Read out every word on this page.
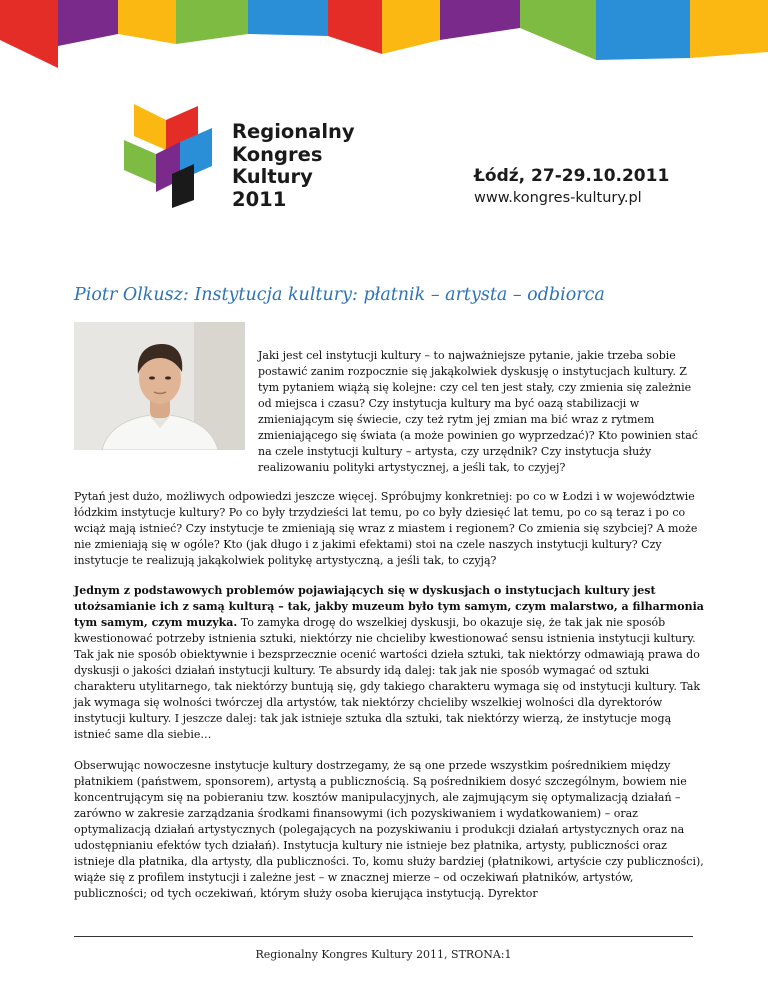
Regionalny
Kongres
Kultury
2011
Łódź, 27-29.10.2011
www.kongres-kultury.pl
Piotr Olkusz: Instytucja kultury: płatnik – artysta – odbiorca

Jaki jest cel instytucji kultury – to najważniejsze pytanie, jakie trzeba sobie postawić zanim rozpocznie się jakąkolwiek dyskusję o instytucjach kultury. Z tym pytaniem wiążą się kolejne: czy cel ten jest stały, czy zmienia się zależnie od miejsca i czasu? Czy instytucja kultury ma być oazą stabilizacji w zmieniającym się świecie, czy też rytm jej zmian ma bić wraz z rytmem zmieniającego się świata (a może powinien go wyprzedzać)? Kto powinien stać na czele instytucji kultury – artysta, czy urzędnik? Czy instytucja służy realizowaniu polityki artystycznej, a jeśli tak, to czyjej?

Pytań jest dużo, możliwych odpowiedzi jeszcze więcej. Spróbujmy konkretniej: po co w Łodzi i w województwie łódzkim instytucje kultury? Po co były trzydzieści lat temu, po co były dziesięć lat temu, po co są teraz i po co wciąż mają istnieć? Czy instytucje te zmieniają się wraz z miastem i regionem? Co zmienia się szybciej? A może nie zmieniają się w ogóle? Kto (jak długo i z jakimi efektami) stoi na czele naszych instytucji kultury? Czy instytucje te realizują jakąkolwiek politykę artystyczną, a jeśli tak, to czyją?

Jednym z podstawowych problemów pojawiających się w dyskusjach o instytucjach kultury jest utożsamianie ich z samą kulturą – tak, jakby muzeum było tym samym, czym malarstwo, a filharmonia tym samym, czym muzyka. To zamyka drogę do wszelkiej dyskusji, bo okazuje się, że tak jak nie sposób kwestionować potrzeby istnienia sztuki, niektórzy nie chcieliby kwestionować sensu istnienia instytucji kultury. Tak jak nie sposób obiektywnie i bezsprzecznie ocenić wartości dzieła sztuki, tak niektórzy odmawiają prawa do dyskusji o jakości działań instytucji kultury. Te absurdy idą dalej: tak jak nie sposób wymagać od sztuki charakteru utylitarnego, tak niektórzy buntują się, gdy takiego charakteru wymaga się od instytucji kultury. Tak jak wymaga się wolności twórczej dla artystów, tak niektórzy chcieliby wszelkiej wolności dla dyrektorów instytucji kultury. I jeszcze dalej: tak jak istnieje sztuka dla sztuki, tak niektórzy wierzą, że instytucje mogą istnieć same dla siebie…

Obserwując nowoczesne instytucje kultury dostrzegamy, że są one przede wszystkim pośrednikiem między płatnikiem (państwem, sponsorem), artystą a publicznością. Są pośrednikiem dosyć szczególnym, bowiem nie koncentrującym się na pobieraniu tzw. kosztów manipulacyjnych, ale zajmującym się optymalizacją działań – zarówno w zakresie zarządzania środkami finansowymi (ich pozyskiwaniem i wydatkowaniem) – oraz optymalizacją działań artystycznych (polegających na pozyskiwaniu i produkcji działań artystycznych oraz na udostępnianiu efektów tych działań). Instytucja kultury nie istnieje bez płatnika, artysty, publiczności oraz istnieje dla płatnika, dla artysty, dla publiczności. To, komu służy bardziej (płatnikowi, artyście czy publiczności), wiąże się z profilem instytucji i zależne jest – w znacznej mierze – od oczekiwań płatników, artystów, publiczności; od tych oczekiwań, którym służy osoba kierująca instytucją. Dyrektor

Regionalny Kongres Kultury 2011, STRONA:1
